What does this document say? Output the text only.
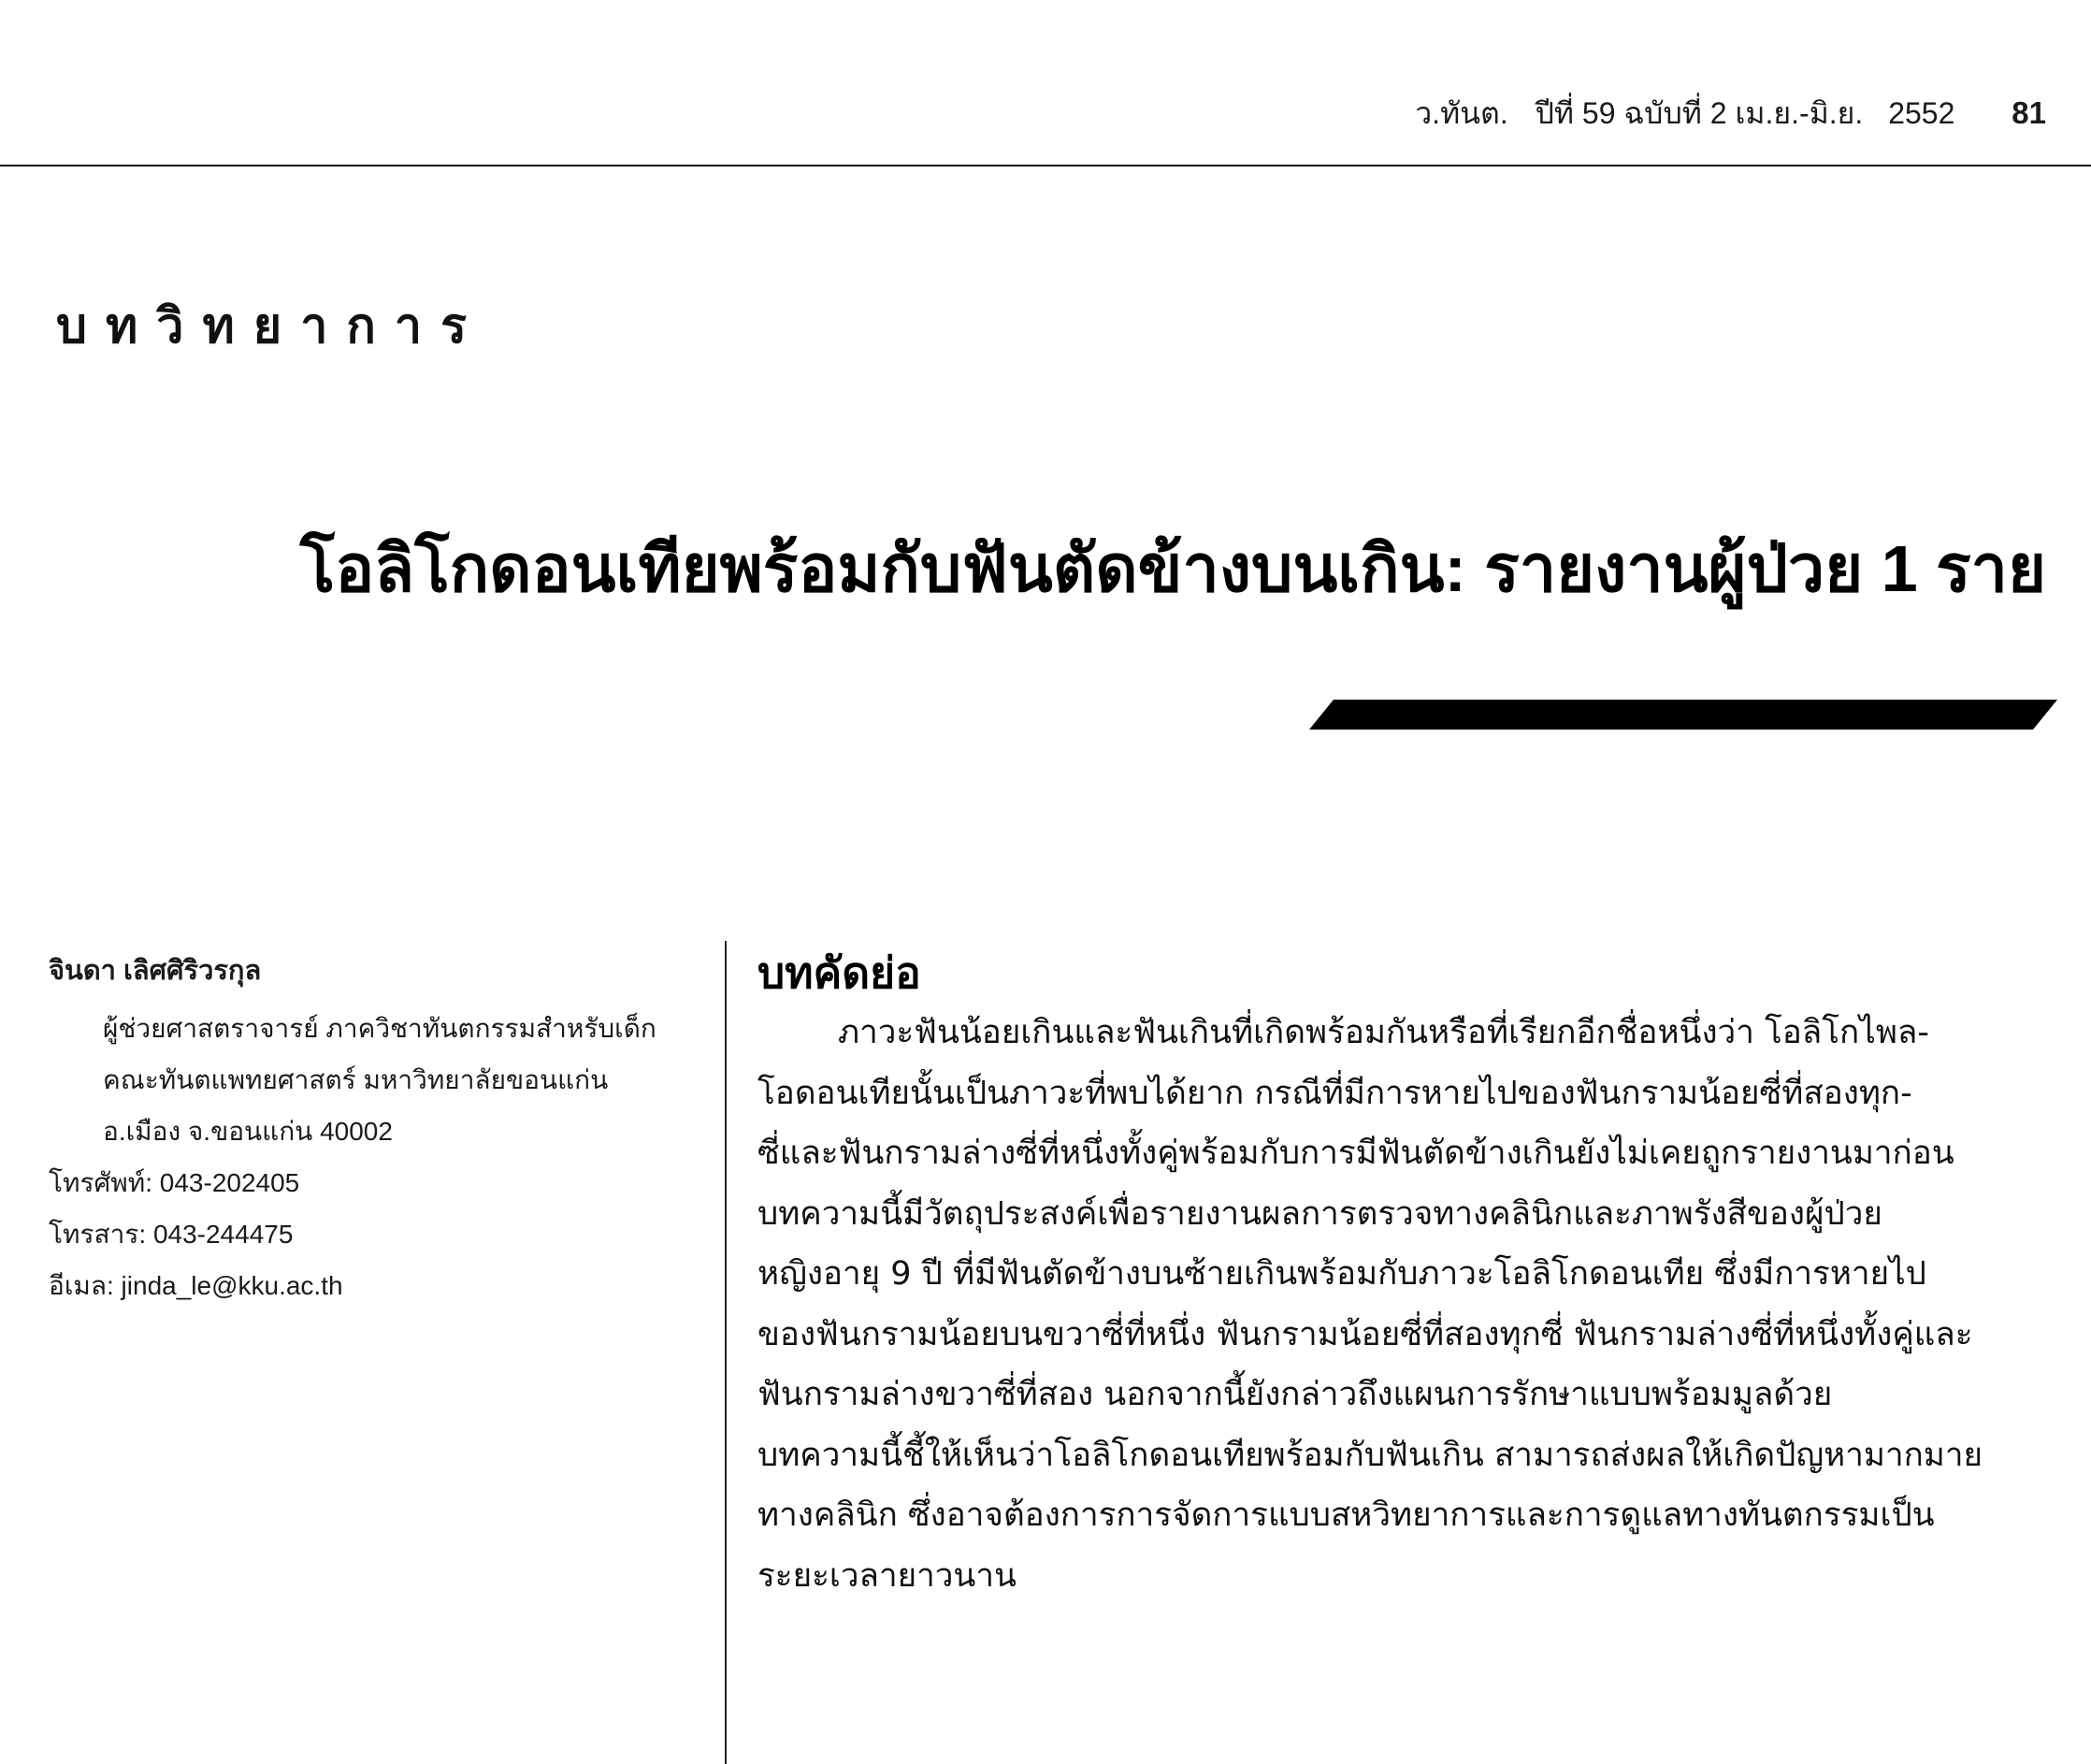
ว.ทันต. ปีที่ 59 ฉบับที่ 2 เม.ย.-มิ.ย. 2552 81
บทวิทยาการ
โอลิโกดอนเทียพร้อมกับฟันตัดข้างบนเกิน: รายงานผู้ป่วย 1 ราย
จินดา เลิศศิริวรกุล
ผู้ช่วยศาสตราจารย์ ภาควิชาทันตกรรมสำหรับเด็ก
คณะทันตแพทยศาสตร์ มหาวิทยาลัยขอนแก่น
อ.เมือง จ.ขอนแก่น 40002
โทรศัพท์: 043-202405
โทรสาร: 043-244475
อีเมล: jinda_le@kku.ac.th
บทคัดย่อ
ภาวะฟันน้อยเกินและฟันเกินที่เกิดพร้อมกันหรือที่เรียกอีกชื่อหนึ่งว่า โอลิโกไพล-
โอดอนเทียนั้นเป็นภาวะที่พบได้ยาก กรณีที่มีการหายไปของฟันกรามน้อยซี่ที่สองทุก-
ซี่และฟันกรามล่างซี่ที่หนึ่งทั้งคู่พร้อมกับการมีฟันตัดข้างเกินยังไม่เคยถูกรายงานมาก่อน
บทความนี้มีวัตถุประสงค์เพื่อรายงานผลการตรวจทางคลินิกและภาพรังสีของผู้ป่วย
หญิงอายุ 9 ปี ที่มีฟันตัดข้างบนซ้ายเกินพร้อมกับภาวะโอลิโกดอนเทีย ซึ่งมีการหายไป
ของฟันกรามน้อยบนขวาซี่ที่หนึ่ง ฟันกรามน้อยซี่ที่สองทุกซี่ ฟันกรามล่างซี่ที่หนึ่งทั้งคู่และ
ฟันกรามล่างขวาซี่ที่สอง นอกจากนี้ยังกล่าวถึงแผนการรักษาแบบพร้อมมูลด้วย
บทความนี้ชี้ให้เห็นว่าโอลิโกดอนเทียพร้อมกับฟันเกิน สามารถส่งผลให้เกิดปัญหามากมาย
ทางคลินิก ซึ่งอาจต้องการการจัดการแบบสหวิทยาการและการดูแลทางทันตกรรมเป็น
ระยะเวลายาวนาน
